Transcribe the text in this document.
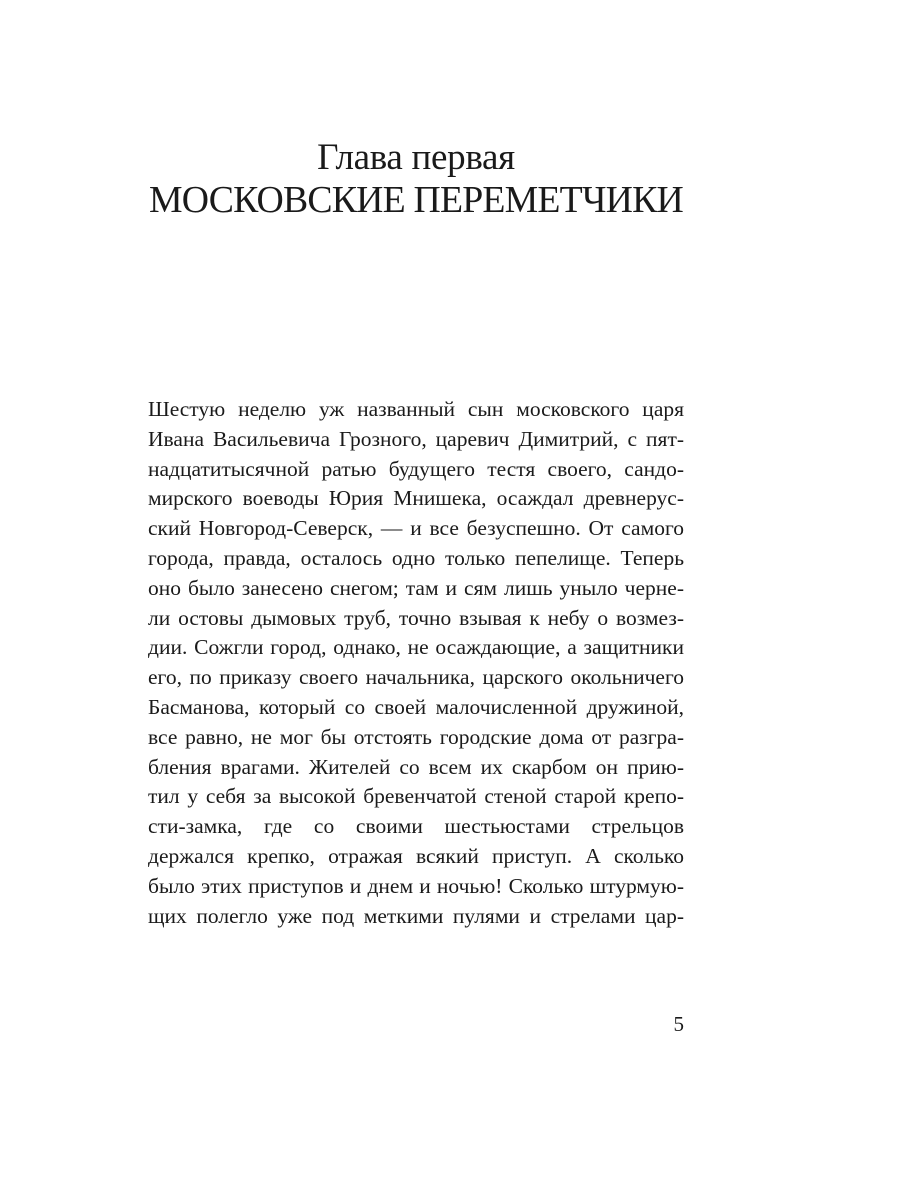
Глава первая
МОСКОВСКИЕ ПЕРЕМЕТЧИКИ
Шестую неделю уж названный сын московского царя
Ивана Васильевича Грозного, царевич Димитрий, с пят-
надцатитысячной ратью будущего тестя своего, сандо-
мирского воеводы Юрия Мнишека, осаждал древнерус-
ский Новгород-Северск, — и все безуспешно. От самого
города, правда, осталось одно только пепелище. Теперь
оно было занесено снегом; там и сям лишь уныло черне-
ли остовы дымовых труб, точно взывая к небу о возмез-
дии. Сожгли город, однако, не осаждающие, а защитники
его, по приказу своего начальника, царского окольничего
Басманова, который со своей малочисленной дружиной,
все равно, не мог бы отстоять городские дома от разгра-
бления врагами. Жителей со всем их скарбом он прию-
тил у себя за высокой бревенчатой стеной старой крепо-
сти-замка, где со своими шестьюстами стрельцов
держался крепко, отражая всякий приступ. А сколько
было этих приступов и днем и ночью! Сколько штурмую-
щих полегло уже под меткими пулями и стрелами цар-
5
